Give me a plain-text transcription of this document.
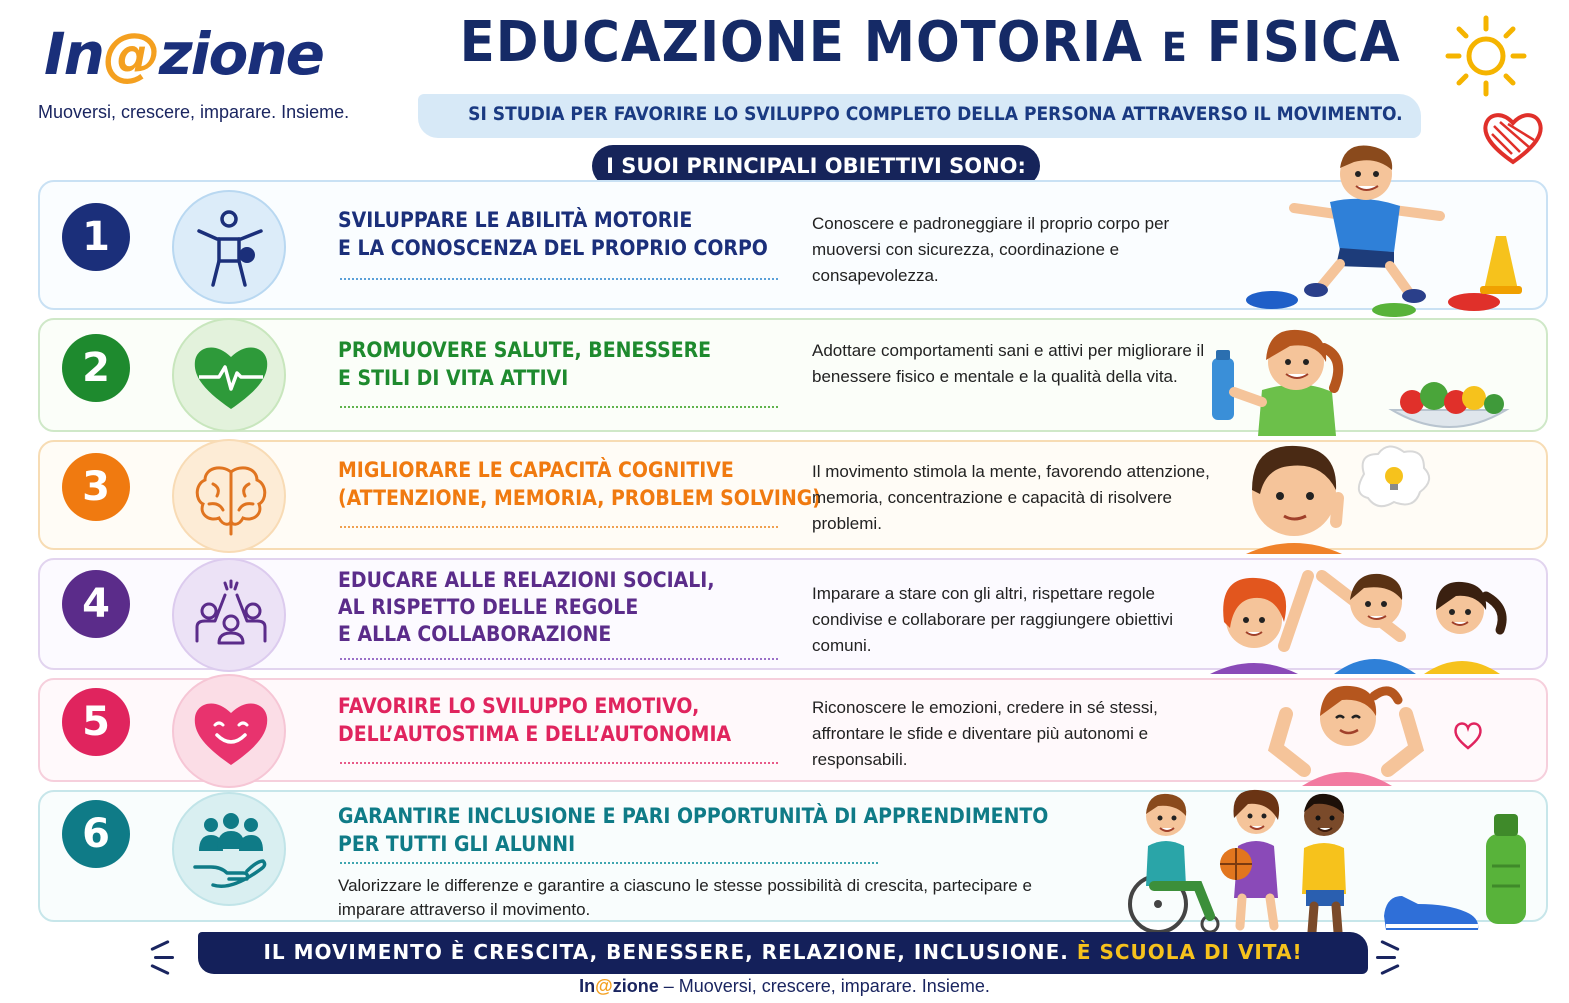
In@zione
Muoversi, crescere, imparare. Insieme.
EDUCAZIONE MOTORIA E FISICA
SI STUDIA PER FAVORIRE LO SVILUPPO COMPLETO DELLA PERSONA ATTRAVERSO IL MOVIMENTO.
I SUOI PRINCIPALI OBIETTIVI SONO:
1	SVILUPPARE LE ABILITÀ MOTORIE
E LA CONOSCENZA DEL PROPRIO CORPO
Conoscere e padroneggiare il proprio corpo per muoversi con sicurezza, coordinazione e consapevolezza.
2	PROMUOVERE SALUTE, BENESSERE
E STILI DI VITA ATTIVI
Adottare comportamenti sani e attivi per migliorare il benessere fisico e mentale e la qualità della vita.
3	MIGLIORARE LE CAPACITÀ COGNITIVE
(ATTENZIONE, MEMORIA, PROBLEM SOLVING)
Il movimento stimola la mente, favorendo attenzione, memoria, concentrazione e capacità di risolvere problemi.
4
EDUCARE ALLE RELAZIONI SOCIALI,
AL RISPETTO DELLE REGOLE
E ALLA COLLABORAZIONE
Imparare a stare con gli altri, rispettare regole condivise e collaborare per raggiungere obiettivi comuni.
5	FAVORIRE LO SVILUPPO EMOTIVO,
DELL’AUTOSTIMA E DELL’AUTONOMIA
Riconoscere le emozioni, credere in sé stessi, affrontare le sfide e diventare più autonomi e responsabili.
6	GARANTIRE INCLUSIONE E PARI OPPORTUNITÀ DI APPRENDIMENTO
PER TUTTI GLI ALUNNI
Valorizzare le differenze e garantire a ciascuno le stesse possibilità di crescita, partecipare e imparare attraverso il movimento.
IL MOVIMENTO È CRESCITA, BENESSERE, RELAZIONE, INCLUSIONE. È SCUOLA DI VITA!
In@zione – Muoversi, crescere, imparare. Insieme.
